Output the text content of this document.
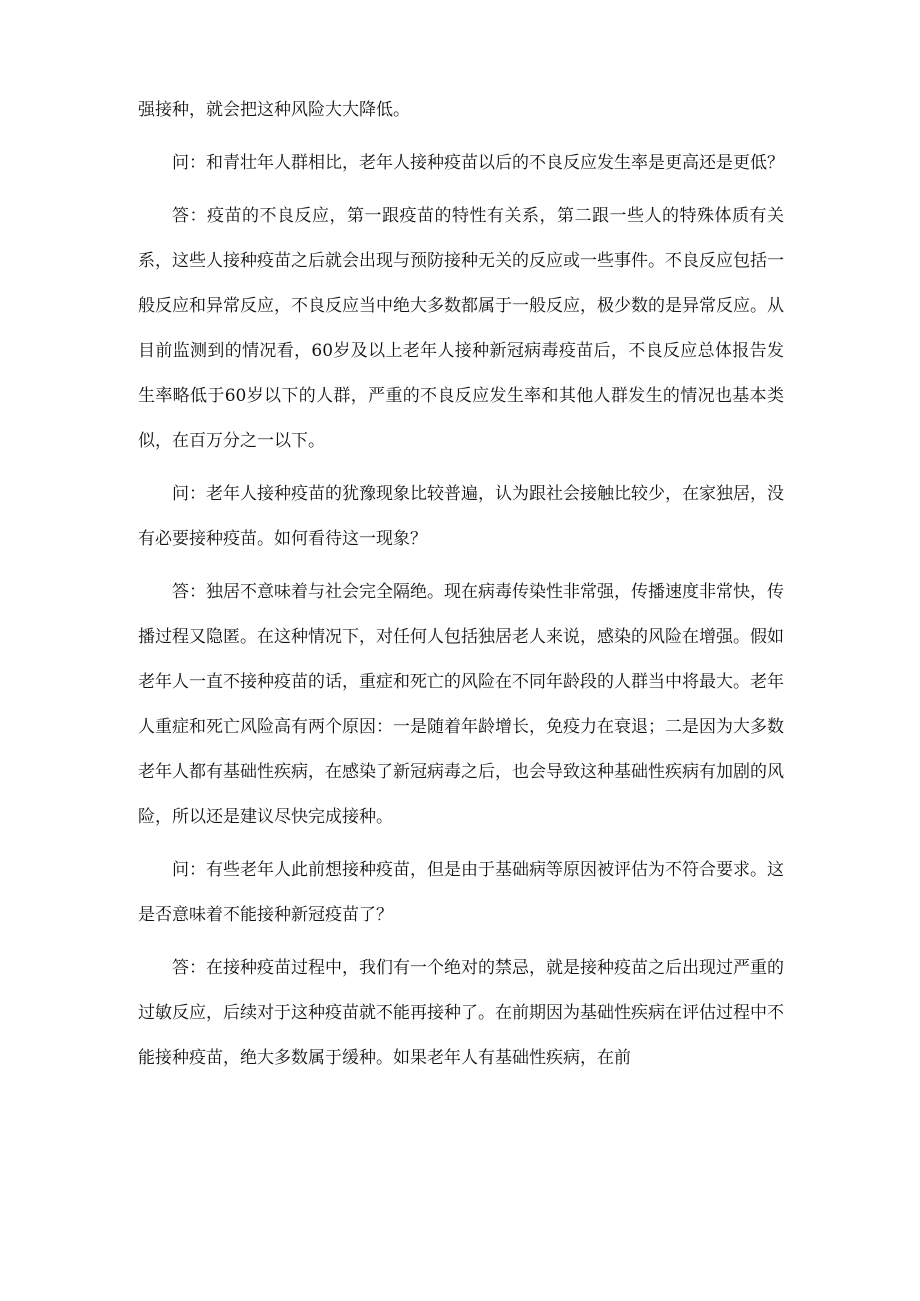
强接种，就会把这种风险大大降低。

问：和青壮年人群相比，老年人接种疫苗以后的不良反应发生率是更高还是更低？

答：疫苗的不良反应，第一跟疫苗的特性有关系，第二跟一些人的特殊体质有关系，这些人接种疫苗之后就会出现与预防接种无关的反应或一些事件。不良反应包括一般反应和异常反应，不良反应当中绝大多数都属于一般反应，极少数的是异常反应。从目前监测到的情况看，60岁及以上老年人接种新冠病毒疫苗后，不良反应总体报告发生率略低于60岁以下的人群，严重的不良反应发生率和其他人群发生的情况也基本类似，在百万分之一以下。

问：老年人接种疫苗的犹豫现象比较普遍，认为跟社会接触比较少，在家独居，没有必要接种疫苗。如何看待这一现象？

答：独居不意味着与社会完全隔绝。现在病毒传染性非常强，传播速度非常快，传播过程又隐匿。在这种情况下，对任何人包括独居老人来说，感染的风险在增强。假如老年人一直不接种疫苗的话，重症和死亡的风险在不同年龄段的人群当中将最大。老年人重症和死亡风险高有两个原因：一是随着年龄增长，免疫力在衰退；二是因为大多数老年人都有基础性疾病，在感染了新冠病毒之后，也会导致这种基础性疾病有加剧的风险，所以还是建议尽快完成接种。

问：有些老年人此前想接种疫苗，但是由于基础病等原因被评估为不符合要求。这是否意味着不能接种新冠疫苗了？

答：在接种疫苗过程中，我们有一个绝对的禁忌，就是接种疫苗之后出现过严重的过敏反应，后续对于这种疫苗就不能再接种了。在前期因为基础性疾病在评估过程中不能接种疫苗，绝大多数属于缓种。如果老年人有基础性疾病，在前
